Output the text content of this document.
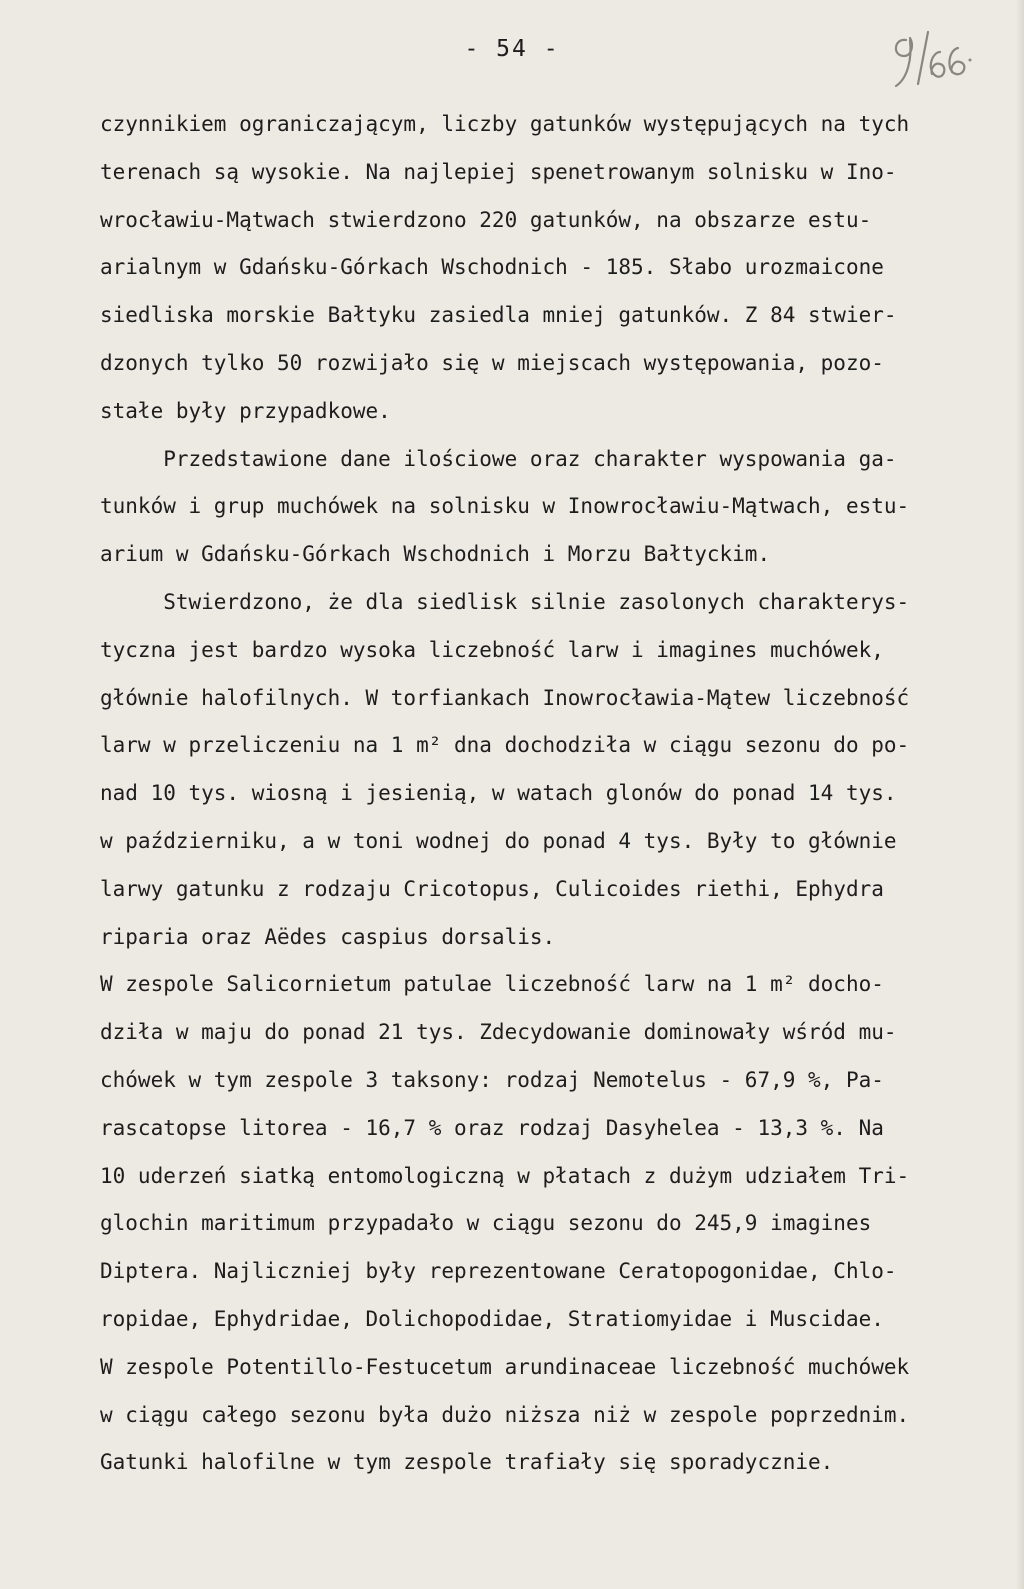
- 54 -
czynnikiem ograniczającym, liczby gatunków występujących na tych
terenach są wysokie. Na najlepiej spenetrowanym solnisku w Ino-
wrocławiu-Mątwach stwierdzono 220 gatunków, na obszarze estu-
arialnym w Gdańsku-Górkach Wschodnich - 185. Słabo urozmaicone
siedliska morskie Bałtyku zasiedla mniej gatunków. Z 84 stwier-
dzonych tylko 50 rozwijało się w miejscach występowania, pozo-
stałe były przypadkowe.
Przedstawione dane ilościowe oraz charakter wyspowania ga-
tunków i grup muchówek na solnisku w Inowrocławiu-Mątwach, estu-
arium w Gdańsku-Górkach Wschodnich i Morzu Bałtyckim.
Stwierdzono, że dla siedlisk silnie zasolonych charakterys-
tyczna jest bardzo wysoka liczebność larw i imagines muchówek,
głównie halofilnych. W torfiankach Inowrocławia-Mątew liczebność
larw w przeliczeniu na 1 m² dna dochodziła w ciągu sezonu do po-
nad 10 tys. wiosną i jesienią, w watach glonów do ponad 14 tys.
w październiku, a w toni wodnej do ponad 4 tys. Były to głównie
larwy gatunku z rodzaju Cricotopus, Culicoides riethi, Ephydra
riparia oraz Aëdes caspius dorsalis.
W zespole Salicornietum patulae liczebność larw na 1 m² docho-
dziła w maju do ponad 21 tys. Zdecydowanie dominowały wśród mu-
chówek w tym zespole 3 taksony: rodzaj Nemotelus - 67,9 %, Pa-
rascatopse litorea - 16,7 % oraz rodzaj Dasyhelea - 13,3 %. Na
10 uderzeń siatką entomologiczną w płatach z dużym udziałem Tri-
glochin maritimum przypadało w ciągu sezonu do 245,9 imagines
Diptera. Najliczniej były reprezentowane Ceratopogonidae, Chlo-
ropidae, Ephydridae, Dolichopodidae, Stratiomyidae i Muscidae.
W zespole Potentillo-Festucetum arundinaceae liczebność muchówek
w ciągu całego sezonu była dużo niższa niż w zespole poprzednim.
Gatunki halofilne w tym zespole trafiały się sporadycznie.
